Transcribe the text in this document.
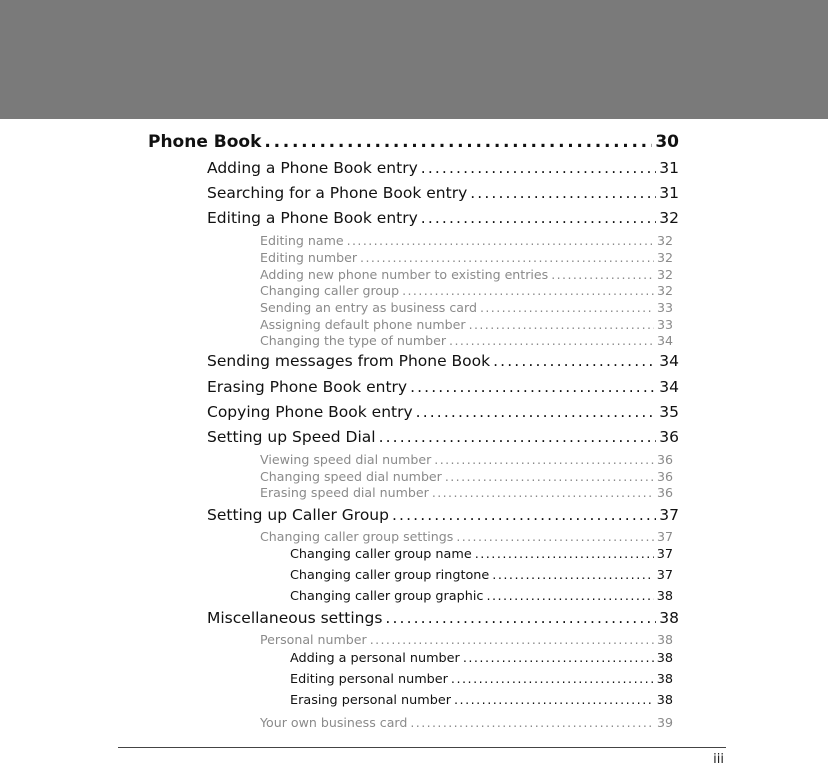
Phone Book . . .	30
Adding a Phone Book entry . . .	31
Searching for a Phone Book entry . . .	31
Editing a Phone Book entry . . .	32
Editing name . . .	32
Editing number . . .	32
Adding new phone number to existing entries . . .	32
Changing caller group . . .	32
Sending an entry as business card . . .	33
Assigning default phone number . . .	33
Changing the type of number . . .	34
Sending messages from Phone Book . . .	34
Erasing Phone Book entry . . .	34
Copying Phone Book entry . . .	35
Setting up Speed Dial . . .	36
Viewing speed dial number . . .	36
Changing speed dial number . . .	36
Erasing speed dial number . . .	36
Setting up Caller Group . . .	37
Changing caller group settings . . .	37
Changing caller group name . . .	37
Changing caller group ringtone . . .	37
Changing caller group graphic . . .	38
Miscellaneous settings . . .	38
Personal number . . .	38
Adding a personal number . . .	38
Editing personal number . . .	38
Erasing personal number . . .	38
Your own business card . . .	39
iii
